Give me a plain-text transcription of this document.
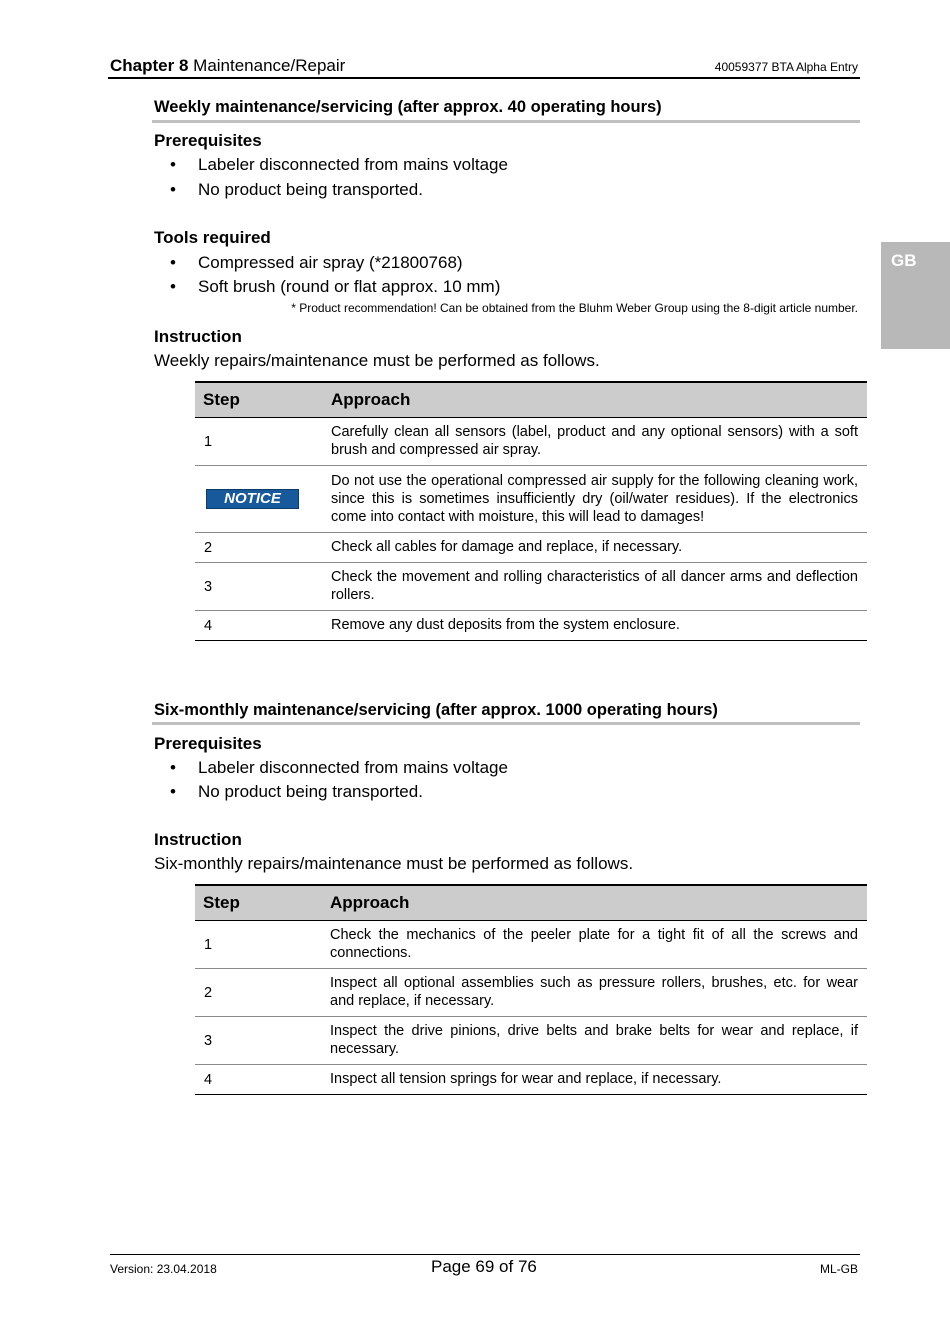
Chapter 8 Maintenance/Repair	40059377 BTA Alpha Entry
GB
Weekly maintenance/servicing (after approx. 40 operating hours)
Prerequisites
• Labeler disconnected from mains voltage
• No product being transported.
Tools required
• Compressed air spray (*21800768)
• Soft brush (round or flat approx. 10 mm)
* Product recommendation! Can be obtained from the Bluhm Weber Group using the 8-digit article number.
Instruction
Weekly repairs/maintenance must be performed as follows.
Step	Approach
1	Carefully clean all sensors (label, product and any optional sensors) with a soft brush and compressed air spray.
NOTICE	Do not use the operational compressed air supply for the following cleaning work, since this is sometimes insufficiently dry (oil/water residues). If the electronics come into contact with moisture, this will lead to damages!
2	Check all cables for damage and replace, if necessary.
3	Check the movement and rolling characteristics of all dancer arms and deflection rollers.
4	Remove any dust deposits from the system enclosure.
Six-monthly maintenance/servicing (after approx. 1000 operating hours)
Prerequisites
• Labeler disconnected from mains voltage
• No product being transported.
Instruction
Six-monthly repairs/maintenance must be performed as follows.
Step	Approach
1	Check the mechanics of the peeler plate for a tight fit of all the screws and connections.
2	Inspect all optional assemblies such as pressure rollers, brushes, etc. for wear and replace, if necessary.
3	Inspect the drive pinions, drive belts and brake belts for wear and replace, if necessary.
4	Inspect all tension springs for wear and replace, if necessary.
Version: 23.04.2018	Page 69 of 76	ML-GB
